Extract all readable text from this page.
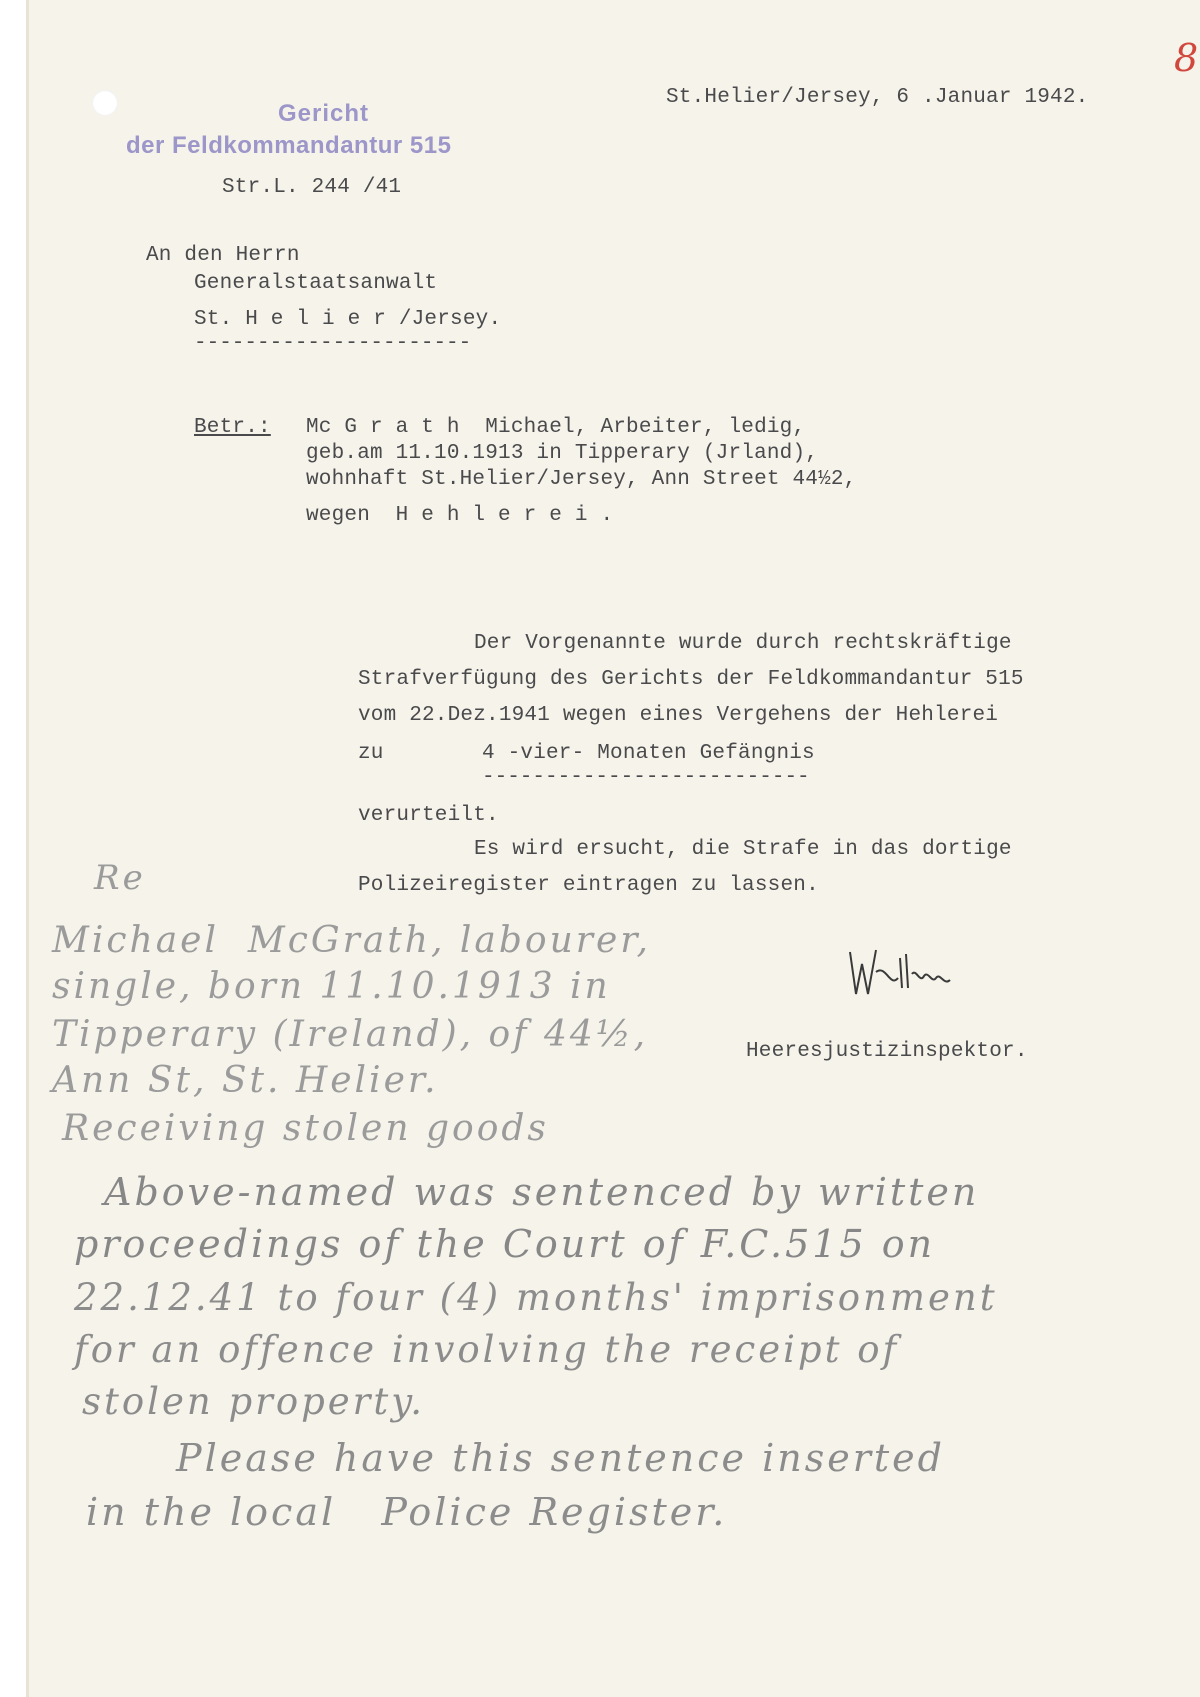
8
St.Helier/Jersey, 6 .Januar 1942.
Gericht
der Feldkommandantur 515
Str.L. 244 /41
An den Herrn
Generalstaatsanwalt
St. H e l i e r /Jersey.
----------------------
Betr.: Mc G r a t h  Michael, Arbeiter, ledig,
geb.am 11.10.1913 in Tipperary (Jrland),
wohnhaft St.Helier/Jersey, Ann Street 44½2,
wegen  H e h l e r e i .
Der Vorgenannte wurde durch rechtskräftige
Strafverfügung des Gerichts der Feldkommandantur 515
vom 22.Dez.1941 wegen eines Vergehens der Hehlerei
zu	4 -vier- Monaten Gefängnis
--------------------------
verurteilt.
Es wird ersucht, die Strafe in das dortige
Polizeiregister eintragen zu lassen.
Heeresjustizinspektor.
Re
Michael  McGrath, labourer,
single, born 11.10.1913 in
Tipperary (Ireland), of 44½,
Ann St, St. Helier.
Receiving stolen goods
Above-named was sentenced by written
proceedings of the Court of F.C.515 on
22.12.41 to four (4) months' imprisonment
for an offence involving the receipt of
stolen property.
Please have this sentence inserted
in the local   Police Register.
